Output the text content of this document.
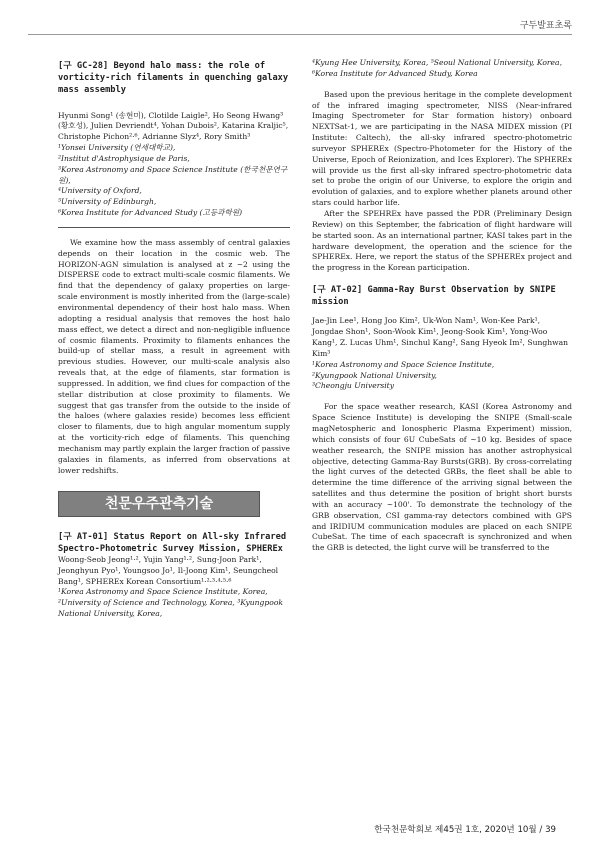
구두발표초록
[구 GC-28] Beyond halo mass: the role of vorticity-rich filaments in quenching galaxy mass assembly

Hyunmi Song¹ (송현미), Clotilde Laigle², Ho Seong Hwang³ (황호성), Julien Devriendt⁴, Yohan Dubois², Katarina Kraljic⁵, Christophe Pichon²·⁶, Adrianne Slyz⁴, Rory Smith³

¹Yonsei University (연세대학교),

²Institut d'Astrophysique de Paris,

³Korea Astronomy and Space Science Institute (한국천문연구원),

⁴University of Oxford,

⁵University of Edinburgh,

⁶Korea Institute for Advanced Study (고등과학원)

We examine how the mass assembly of central galaxies depends on their location in the cosmic web. The HORIZON-AGN simulation is analysed at z ~2 using the DISPERSE code to extract multi-scale cosmic filaments. We find that the dependency of galaxy properties on large-scale environment is mostly inherited from the (large-scale) environmental dependency of their host halo mass. When adopting a residual analysis that removes the host halo mass effect, we detect a direct and non-negligible influence of cosmic filaments. Proximity to filaments enhances the build-up of stellar mass, a result in agreement with previous studies. However, our multi-scale analysis also reveals that, at the edge of filaments, star formation is suppressed. In addition, we find clues for compaction of the stellar distribution at close proximity to filaments. We suggest that gas transfer from the outside to the inside of the haloes (where galaxies reside) becomes less efficient closer to filaments, due to high angular momentum supply at the vorticity-rich edge of filaments. This quenching mechanism may partly explain the larger fraction of passive galaxies in filaments, as inferred from observations at lower redshifts.

천문우주관측기술
[구 AT-01] Status Report on All-sky Infrared Spectro-Photometric Survey Mission, SPHEREx

Woong-Seob Jeong¹·², Yujin Yang¹·², Sung-Joon Park¹, Jeonghyun Pyo¹, Youngsoo Jo¹, Il-Joong Kim¹, Seungcheol Bang¹, SPHEREx Korean Consortium¹·²·³·⁴·⁵·⁶

¹Korea Astronomy and Space Science Institute, Korea, ²University of Science and Technology, Korea, ³Kyungpook National University, Korea,

⁴Kyung Hee University, Korea, ⁵Seoul National University, Korea, ⁶Korea Institute for Advanced Study, Korea

Based upon the previous heritage in the complete development of the infrared imaging spectrometer, NISS (Near-infrared Imaging Spectrometer for Star formation history) onboard NEXTSat-1, we are participating in the NASA MIDEX mission (PI Institute: Caltech), the all-sky infrared spectro-photometric surveyor SPHEREx (Spectro-Photometer for the History of the Universe, Epoch of Reionization, and Ices Explorer). The SPHEREx will provide us the first all-sky infrared spectro-photometric data set to probe the origin of our Universe, to explore the origin and evolution of galaxies, and to explore whether planets around other stars could harbor life.

After the SPEHREx have passed the PDR (Preliminary Design Review) on this September, the fabrication of flight hardware will be started soon. As an international partner, KASI takes part in the hardware development, the operation and the science for the SPHEREx. Here, we report the status of the SPHEREx project and the progress in the Korean participation.

[구 AT-02] Gamma-Ray Burst Observation by SNIPE mission

Jae-Jin Lee¹, Hong Joo Kim², Uk-Won Nam¹, Won-Kee Park¹, Jongdae Shon¹, Soon-Wook Kim¹, Jeong-Sook Kim¹, Yong-Woo Kang¹, Z. Lucas Uhm¹, Sinchul Kang², Sang Hyeok Im², Sunghwan Kim³

¹Korea Astronomy and Space Science Institute,

²Kyungpook National University,

³Cheongju University

For the space weather research, KASI (Korea Astronomy and Space Science Institute) is developing the SNIPE (Small-scale magNetospheric and Ionospheric Plasma Experiment) mission, which consists of four 6U CubeSats of ~10 kg. Besides of space weather research, the SNIPE mission has another astrophysical objective, detecting Gamma-Ray Bursts(GRB). By cross-correlating the light curves of the detected GRBs, the fleet shall be able to determine the time difference of the arriving signal between the satellites and thus determine the position of bright short bursts with an accuracy ~100'. To demonstrate the technology of the GRB observation, CSI gamma-ray detectors combined with GPS and IRIDIUM communication modules are placed on each SNIPE CubeSat. The time of each spacecraft is synchronized and when the GRB is detected, the light curve will be transferred to the

한국천문학회보 제45권 1호, 2020년 10월 / 39
